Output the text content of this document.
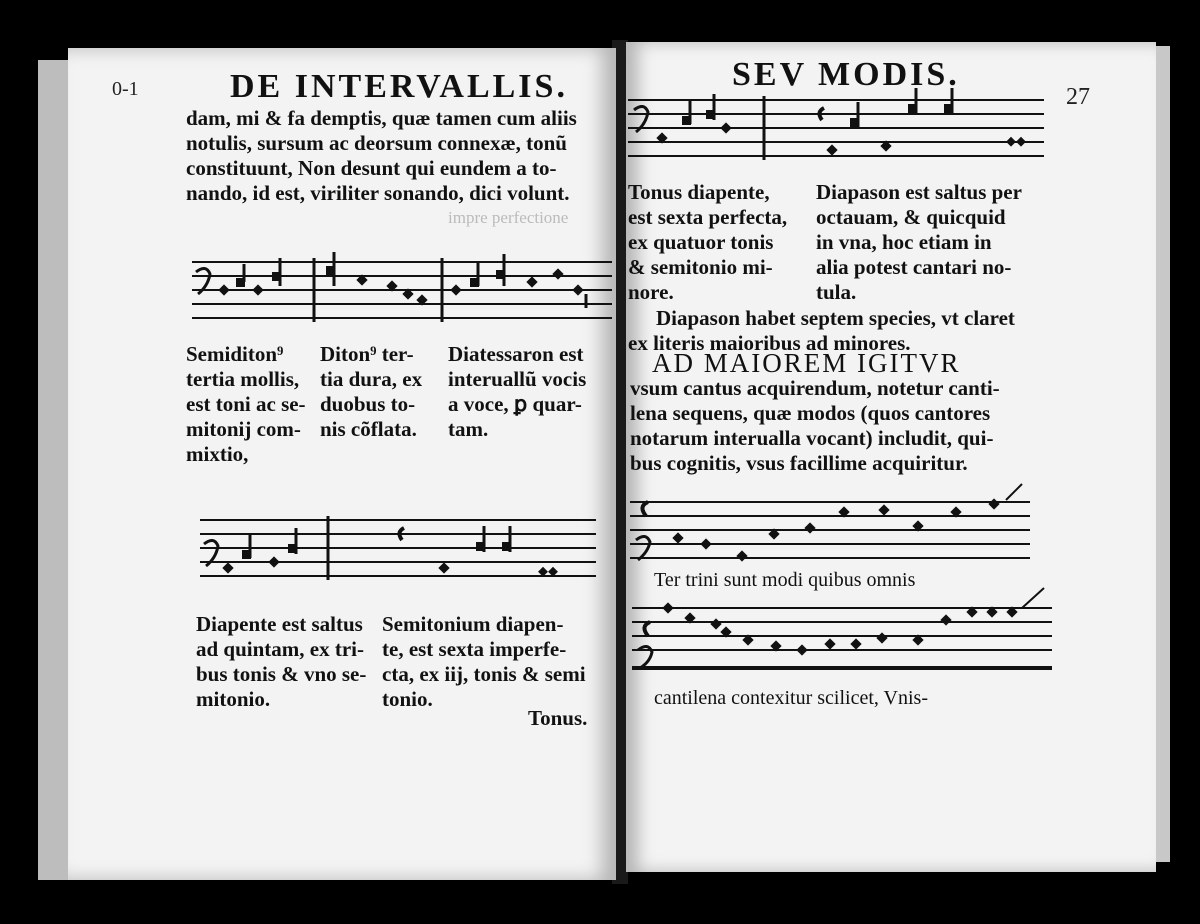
0-1	DE INTERVALLIS.
dam, mi & fa demptis, quæ tamen cum aliis
notulis, sursum ac deorsum connexæ, tonũ
constituunt, Non desunt qui eundem a to-
nando, id est, viriliter sonando, dici volunt.
impre perfectione
Semiditon⁹
tertia mollis,
est toni ac se-
mitonij com-
mixtio,
Diton⁹ ter-
tia dura, ex
duobus to-
nis cõflata.
Diatessaron est
interuallũ vocis
a voce, ꝑ quar-
tam.
Diapente est saltus
ad quintam, ex tri-
bus tonis & vno se-
mitonio.
Semitonium diapen-
te, est sexta imperfe-
cta, ex iij, tonis & semi
tonio.
Tonus.
SEV MODIS.
27
Tonus diapente,
est sexta perfecta,
ex quatuor tonis
& semitonio mi-
nore.
Diapason est saltus per
octauam, & quicquid
in vna, hoc etiam in
alia potest cantari no-
tula.
Diapason habet septem species, vt claret
ex literis maioribus ad minores.
AD MAIOREM IGITVR
vsum cantus acquirendum, notetur canti-
lena sequens, quæ modos (quos cantores
notarum interualla vocant) includit, qui-
bus cognitis, vsus facillime acquiritur.
Ter trini sunt modi quibus omnis
cantilena contexitur scilicet, Vnis-
